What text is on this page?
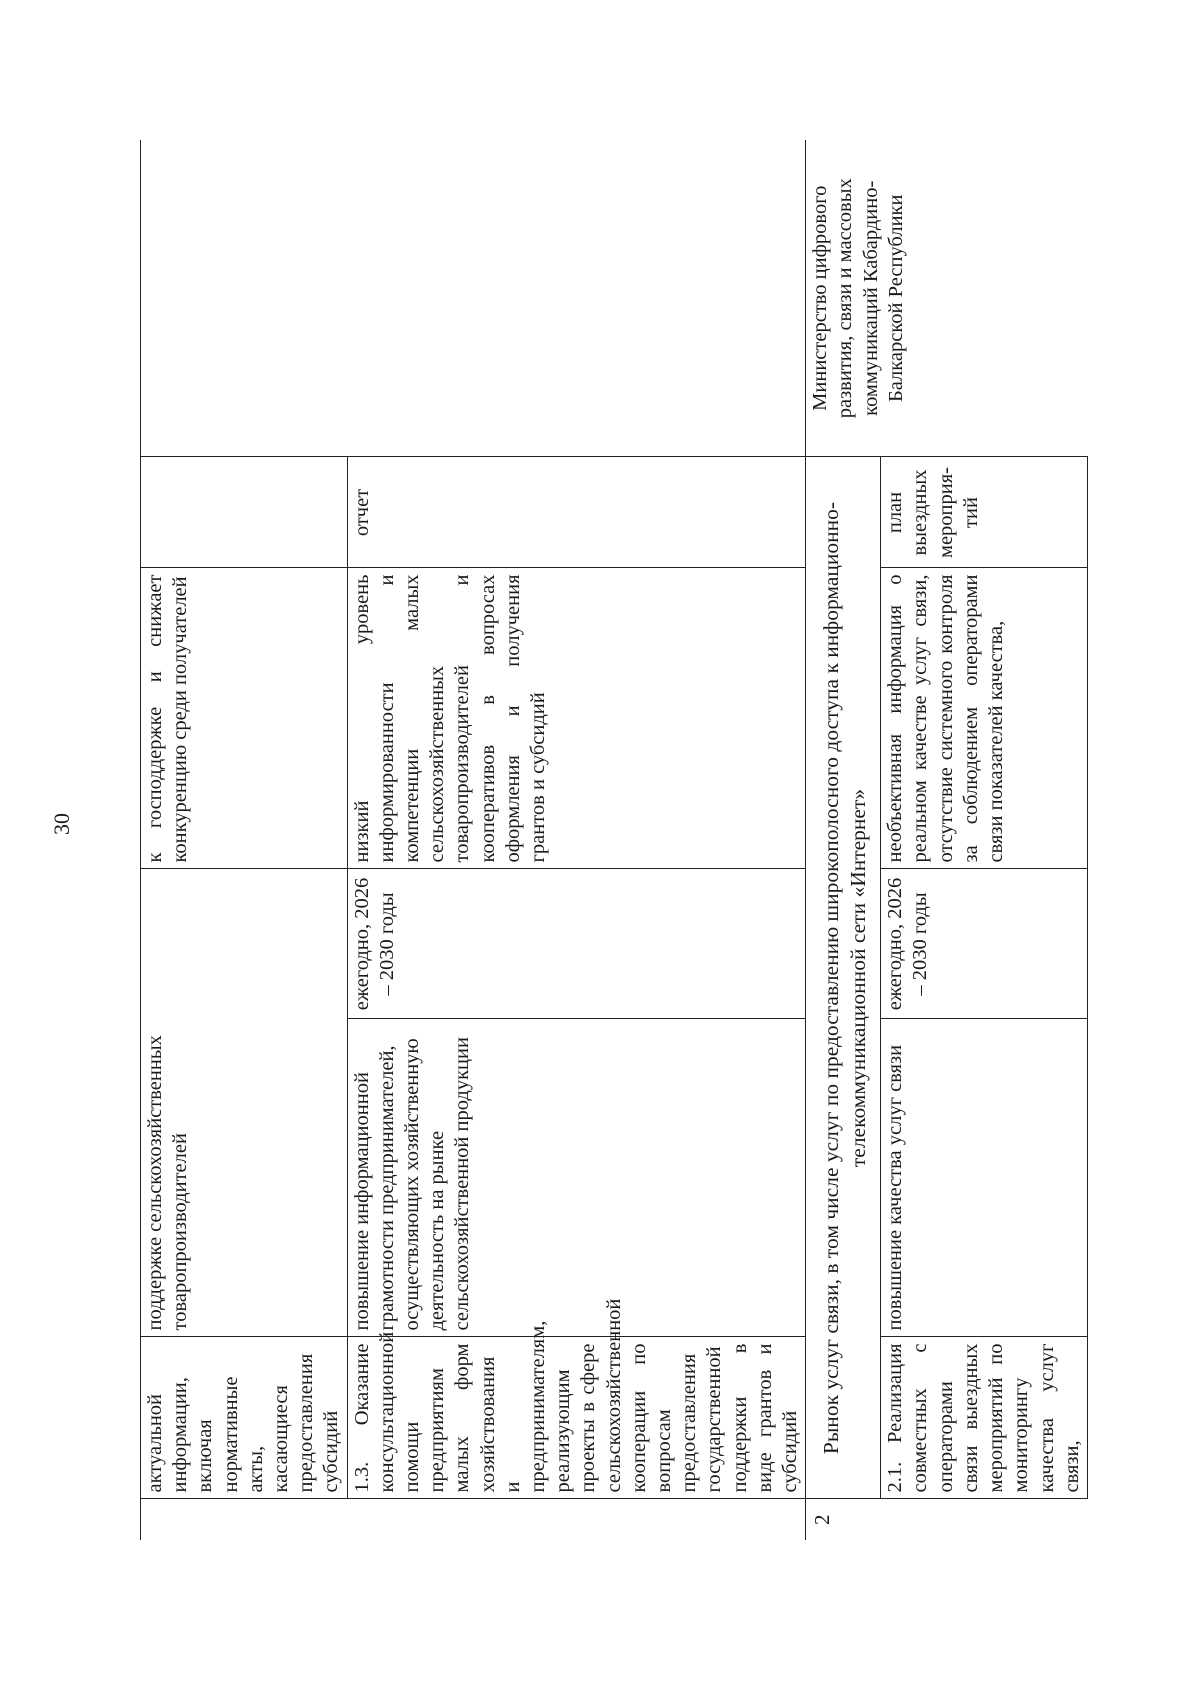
30
	актуальной информации, включая нормативные акты, касающиеся предоставления субсидий	поддержке сельскохозяйственных товаропроизводителей		к господдержке и снижает конкуренцию среди получателей		
	1.3. Оказание консультационной помощи предприятиям малых форм хозяйствования и предпринимателям, реализующим проекты в сфере сельскохозяйственной кооперации по вопросам предоставления государственной поддержки в виде грантов и субсидий	повышение информационной грамотности предпринимателей, осуществляющих хозяйственную деятельность на рынке сельскохозяйственной продукции	ежегодно, 2026 – 2030 годы	низкий уровень информированности и компетенции малых сельскохозяйственных товаропроизводителей и кооперативов в вопросах оформления и получения грантов и субсидий	отчет	
2	Рынок услуг связи, в том числе услуг по предоставлению широкополосного доступа к информационно-телекоммуникационной сети «Интернет»					Министерство цифрового развития, связи и массовых коммуникаций Кабардино-Балкарской Республики
	2.1. Реализация совместных с операторами связи выездных мероприятий по мониторингу качества услуг связи,	повышение качества услуг связи	ежегодно, 2026 – 2030 годы	необъективная информация о реальном качестве услуг связи, отсутствие системного контроля за соблюдением операторами связи показателей качества,	план выездных мероприя-тий	
